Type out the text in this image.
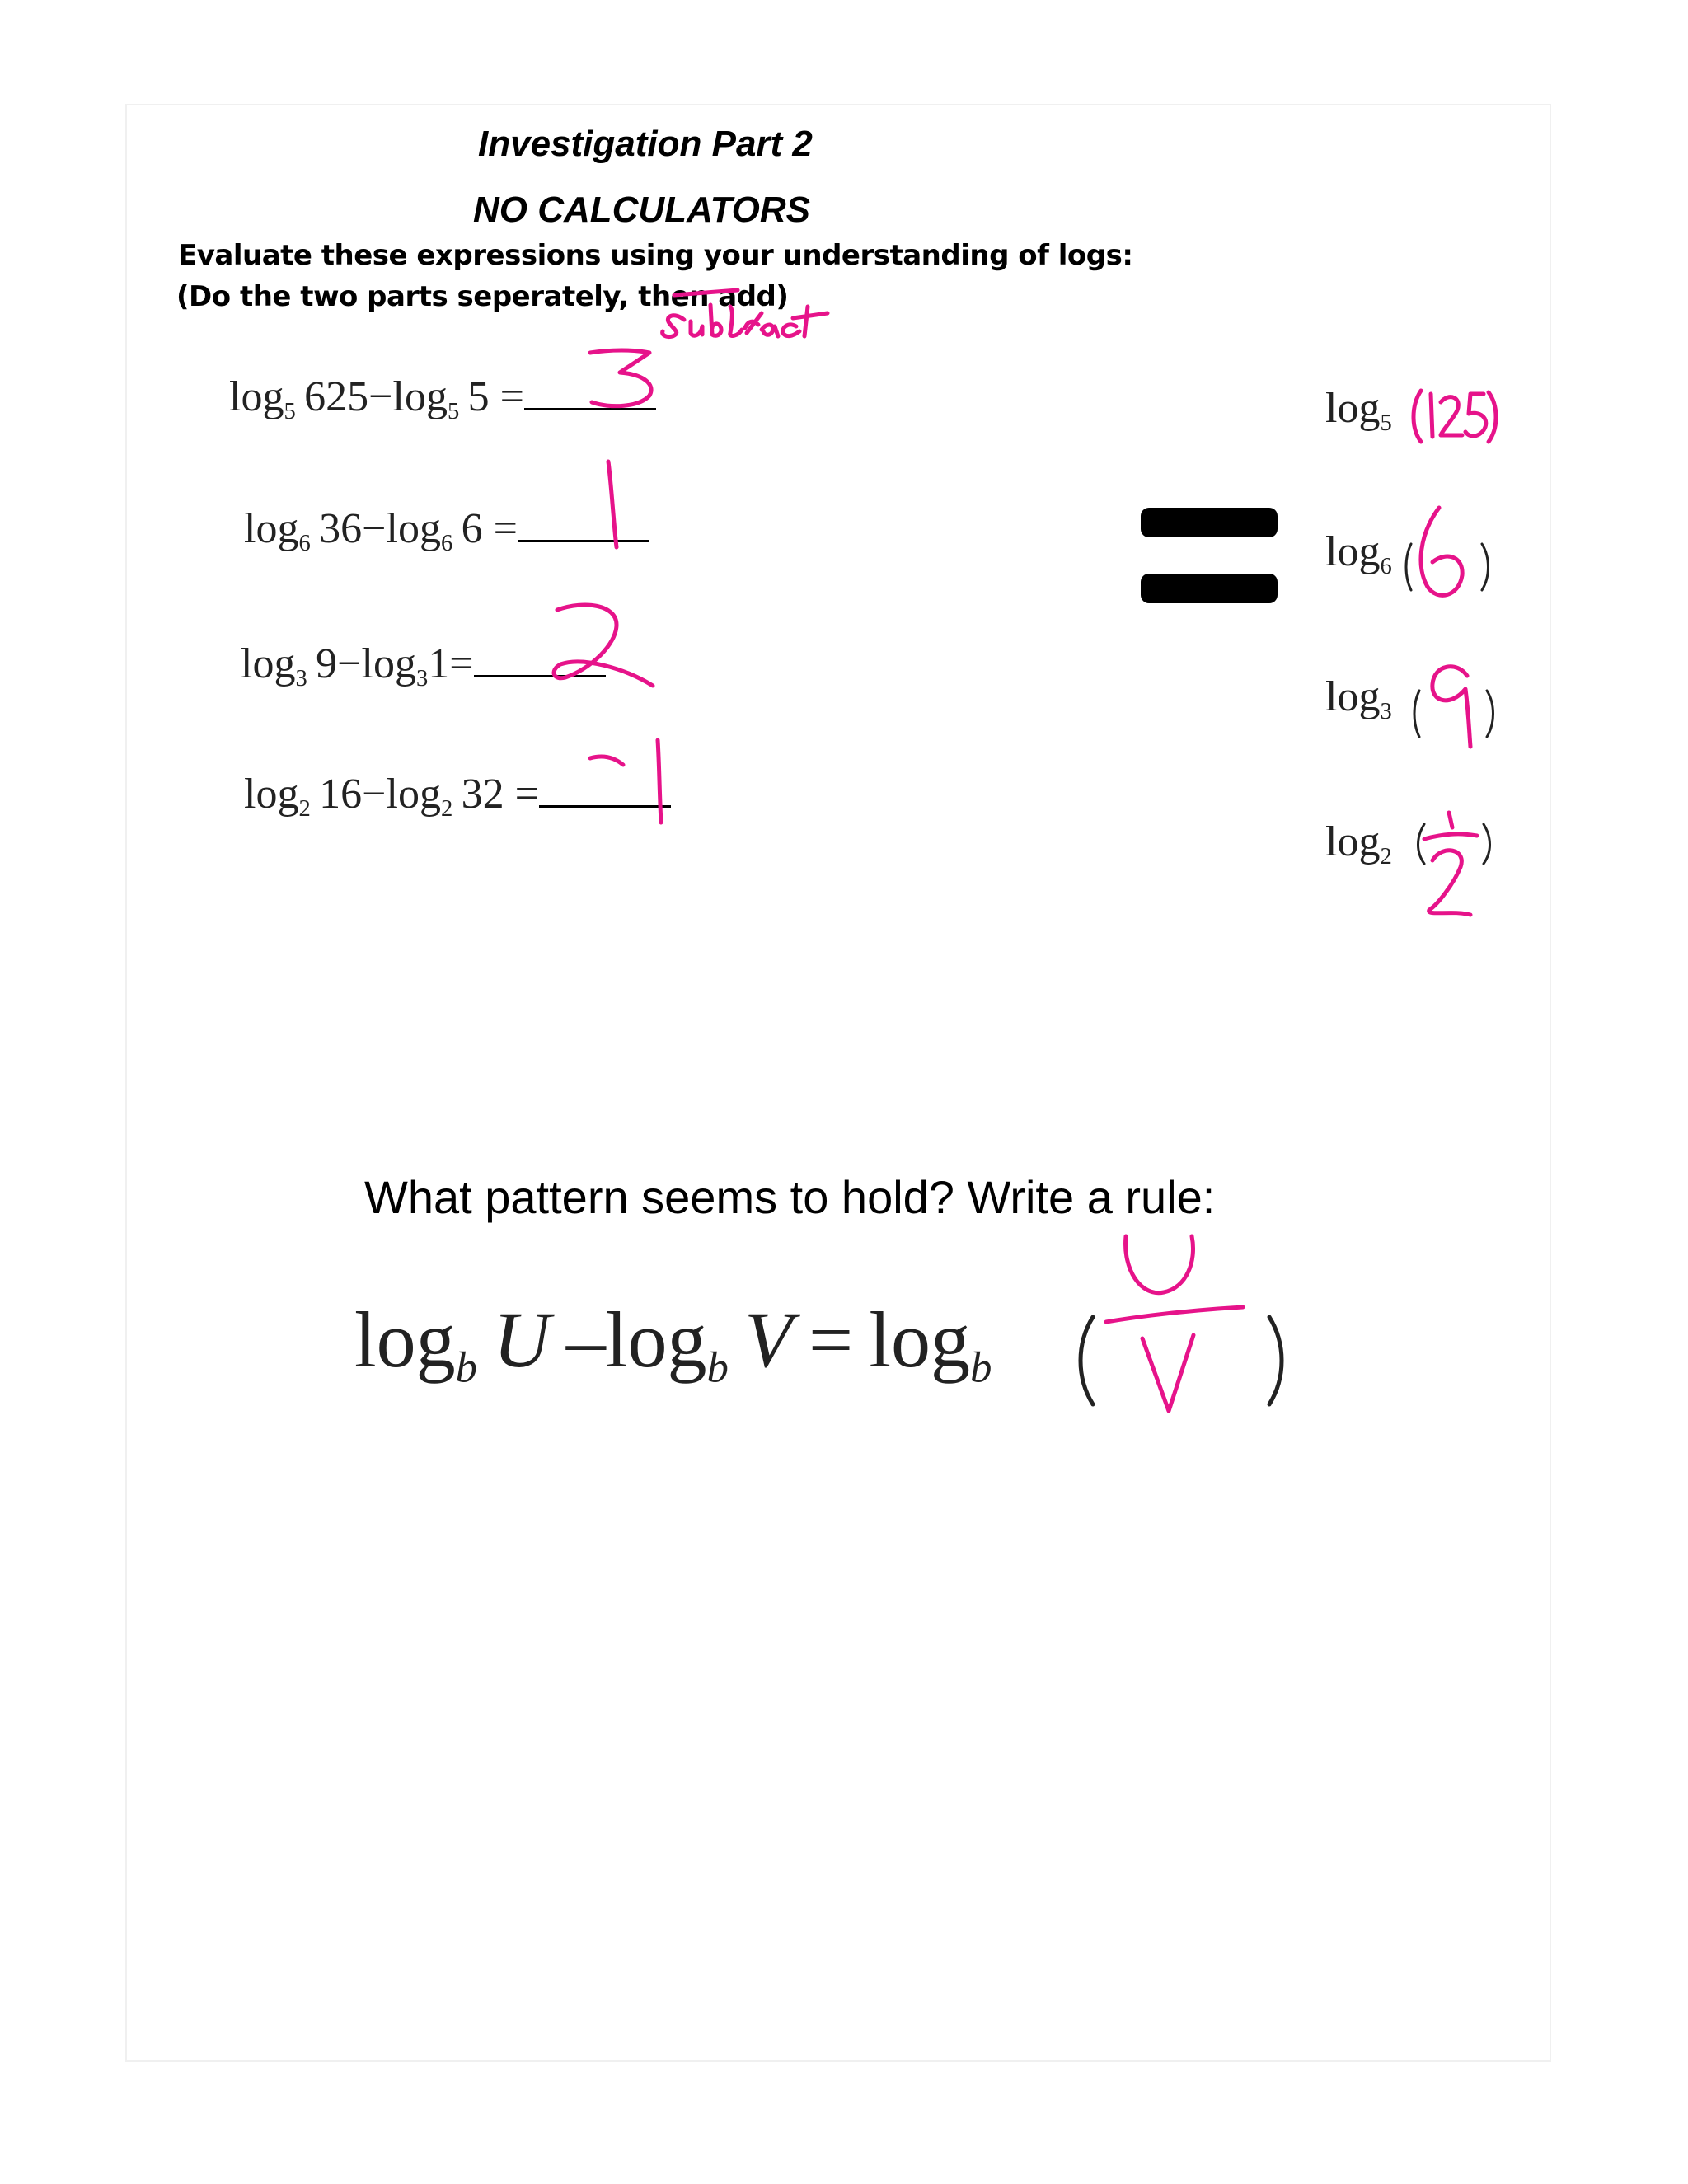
Investigation Part 2
NO CALCULATORS
Evaluate these expressions using your understanding of logs:
(Do the two parts seperately, then add)
$\log_5 625-\log_5$  5 =
$\log_6 36-\log_6$  6 =
$\log_3 9-\log_31=$
$\log_2 16-\log_2$  32 =
$\log_5$
$\log_6$
$\log_3$
$\log_2$
What pattern seems to hold? Write a rule:
logb  U  –logb  V  =  logb
